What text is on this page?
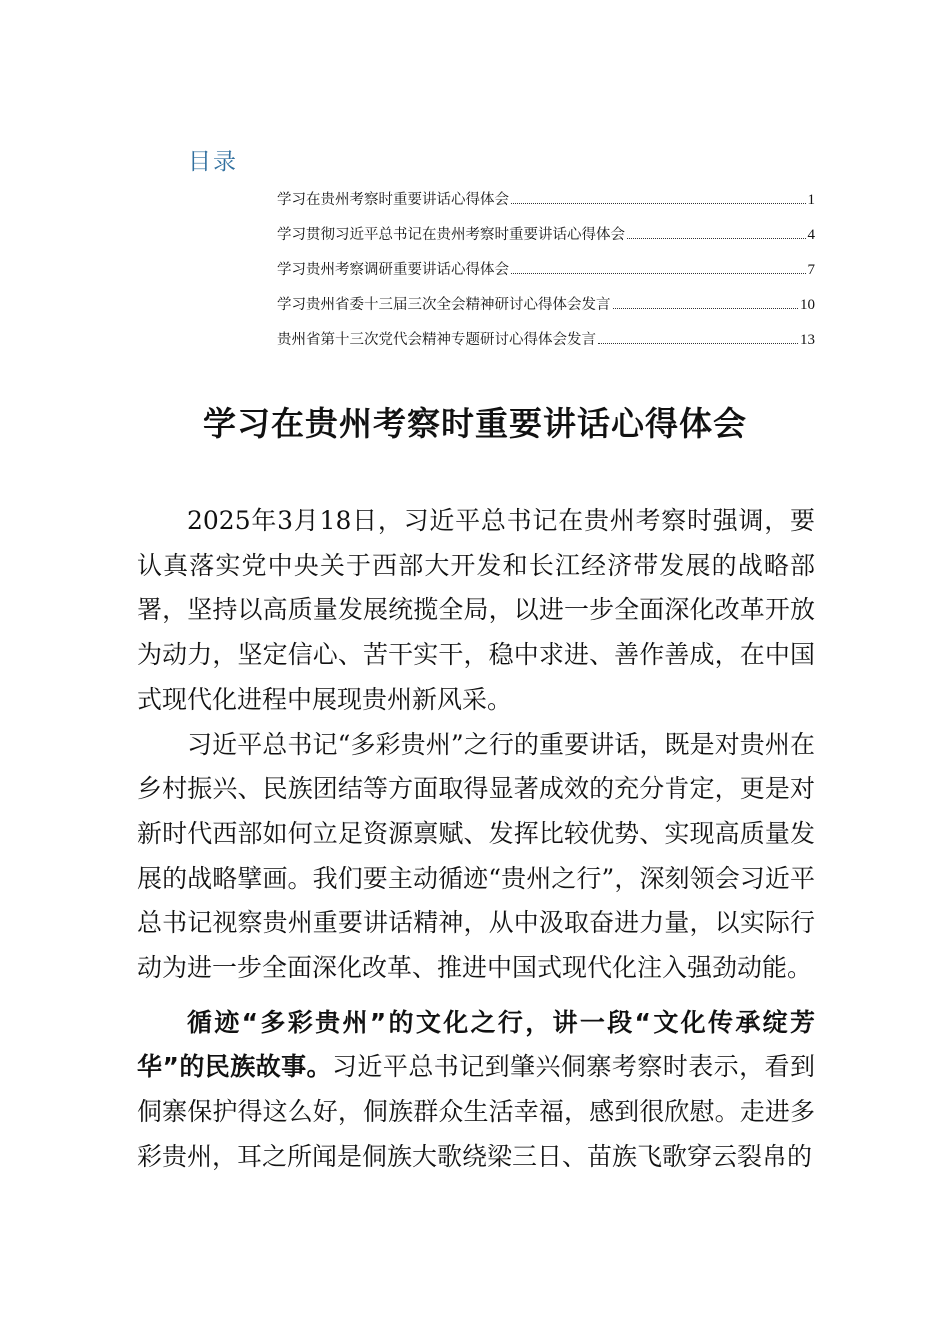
目录
学习在贵州考察时重要讲话心得体会	1
学习贯彻习近平总书记在贵州考察时重要讲话心得体会	4
学习贵州考察调研重要讲话心得体会	7
学习贵州省委十三届三次全会精神研讨心得体会发言	10
贵州省第十三次党代会精神专题研讨心得体会发言	13
学习在贵州考察时重要讲话心得体会

2025年3月18日，习近平总书记在贵州考察时强调，要认真落实党中央关于西部大开发和长江经济带发展的战略部署，坚持以高质量发展统揽全局，以进一步全面深化改革开放为动力，坚定信心、苦干实干，稳中求进、善作善成，在中国式现代化进程中展现贵州新风采。

习近平总书记“多彩贵州”之行的重要讲话，既是对贵州在乡村振兴、民族团结等方面取得显著成效的充分肯定，更是对新时代西部如何立足资源禀赋、发挥比较优势、实现高质量发展的战略擘画。我们要主动循迹“贵州之行”，深刻领会习近平总书记视察贵州重要讲话精神，从中汲取奋进力量，以实际行动为进一步全面深化改革、推进中国式现代化注入强劲动能。

循迹“多彩贵州”的文化之行，讲一段“文化传承绽芳华”的民族故事。习近平总书记到肇兴侗寨考察时表示，看到侗寨保护得这么好，侗族群众生活幸福，感到很欣慰。走进多彩贵州，耳之所闻是侗族大歌绕梁三日、苗族飞歌穿云裂帛的
